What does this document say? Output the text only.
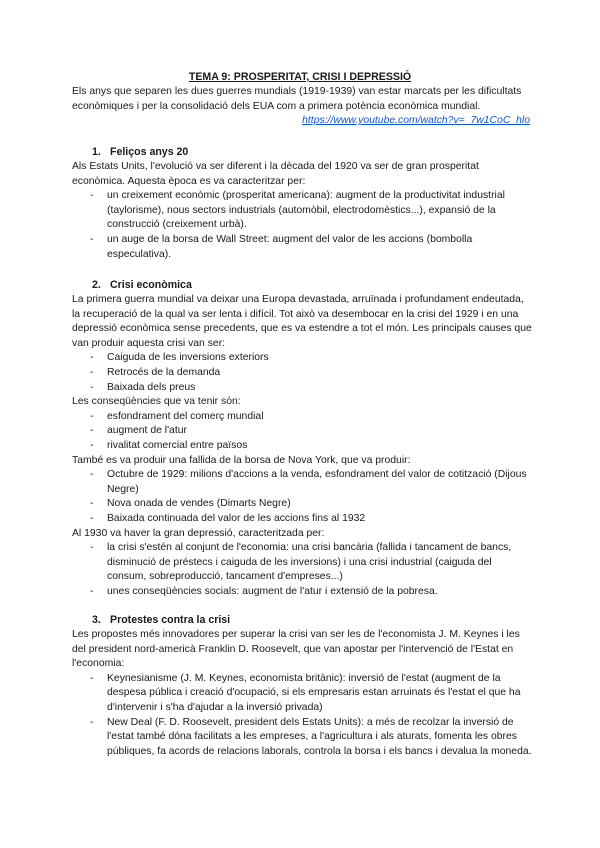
TEMA 9: PROSPERITAT, CRISI I DEPRESSIÓ
Els anys que separen les dues guerres mundials (1919-1939) van estar marcats per les dificultats econòmiques i per la consolidació dels EUA com a primera potència econòmica mundial.
https://www.youtube.com/watch?v=_7w1CoC_hlo
1. Feliços anys 20
Als Estats Units, l'evolució va ser diferent i la dècada del 1920 va ser de gran prosperitat econòmica. Aquesta època es va caracteritzar per:
- un creixement econòmic (prosperitat americana): augment de la productivitat industrial (taylorisme), nous sectors industrials (automòbil, electrodomèstics...), expansió de la construcció (creixement urbà).
- un auge de la borsa de Wall Street: augment del valor de les accions (bombolla especulativa).
2. Crisi econòmica
La primera guerra mundial va deixar una Europa devastada, arruïnada i profundament endeutada, la recuperació de la qual va ser lenta i difícil. Tot això va desembocar en la crisi del 1929 i en una depressió econòmica sense precedents, que es va estendre a tot el món. Les principals causes que van produir aquesta crisi van ser:
- Caiguda de les inversions exteriors
- Retrocés de la demanda
- Baixada dels preus
Les conseqüències que va tenir són:
- esfondrament del comerç mundial
- augment de l'atur
- rivalitat comercial entre països
També es va produir una fallida de la borsa de Nova York, que va produir:
- Octubre de 1929: milions d'accions a la venda, esfondrament del valor de cotització (Dijous Negre)
- Nova onada de vendes (Dimarts Negre)
- Baixada continuada del valor de les accions fins al 1932
Al 1930 va haver la gran depressió, caracteritzada per:
- la crisi s'estén al conjunt de l'economia: una crisi bancària (fallida i tancament de bancs, disminució de préstecs i caiguda de les inversions) i una crisi industrial (caiguda del consum, sobreproducció, tancament d'empreses...)
- unes conseqüències socials: augment de l'atur i extensió de la pobresa.
3. Protestes contra la crisi
Les propostes més innovadores per superar la crisi van ser les de l'economista J. M. Keynes i les del president nord-americà Franklin D. Roosevelt, que van apostar per l'intervenció de l'Estat en l'economia:
- Keynesianisme (J. M. Keynes, economista britànic): inversió de l'estat (augment de la despesa pública i creació d'ocupació, si els empresaris estan arruinats és l'estat el que ha d'intervenir i s'ha d'ajudar a la inversió privada)
- New Deal (F. D. Roosevelt, president dels Estats Units): a més de recolzar la inversió de l'estat també dóna facilitats a les empreses, a l'agricultura i als aturats, fomenta les obres públiques, fa acords de relacions laborals, controla la borsa i els bancs i devalua la moneda.
